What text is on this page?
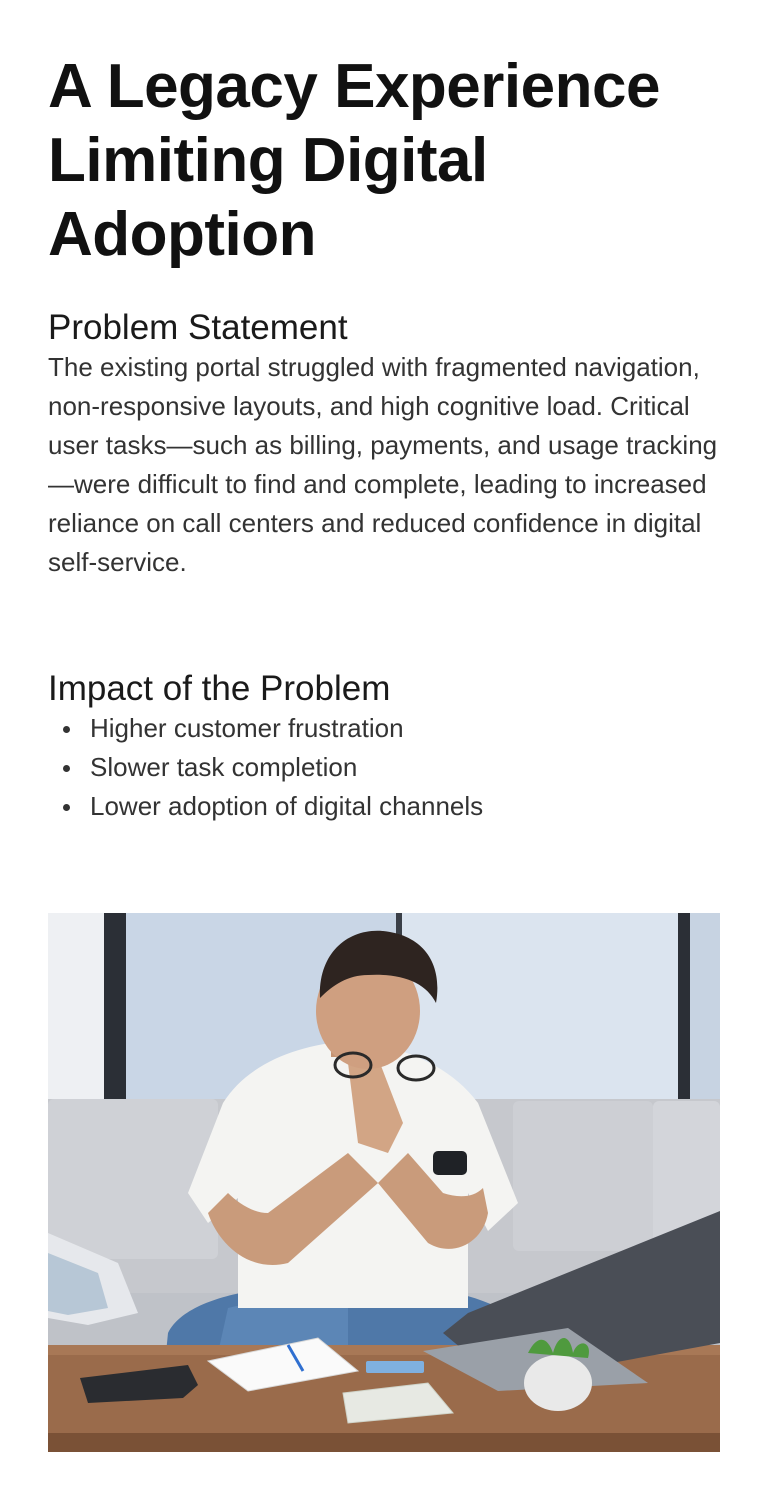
A Legacy Experience Limiting Digital Adoption
Problem Statement

The existing portal struggled with fragmented navigation, non-responsive layouts, and high cognitive load. Critical user tasks—such as billing, payments, and usage tracking—were difficult to find and complete, leading to increased reliance on call centers and reduced confidence in digital self-service.

Impact of the Problem
Higher customer frustration
Slower task completion
Lower adoption of digital channels
